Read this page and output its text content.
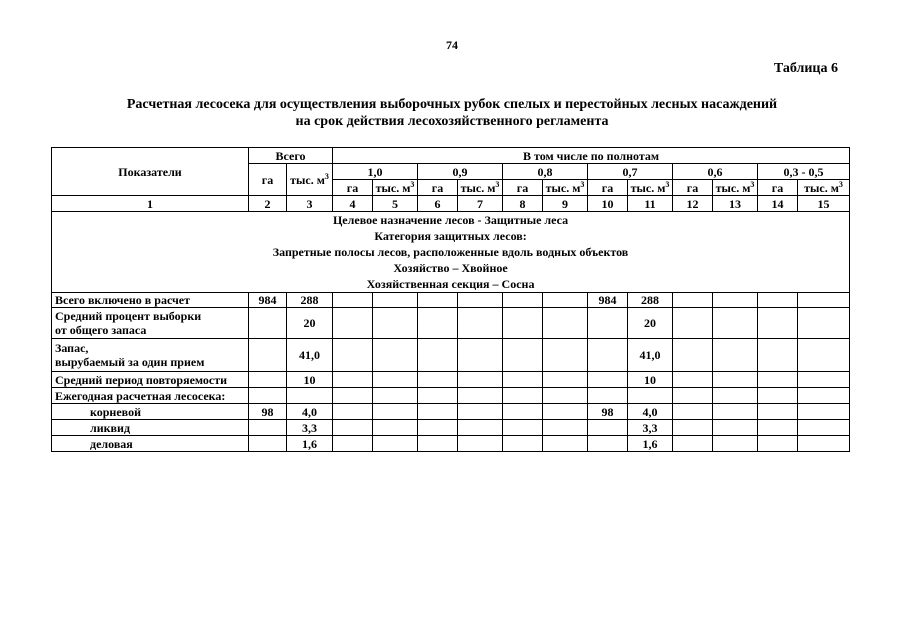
74
Таблица 6
Расчетная лесосека для осуществления выборочных рубок спелых и перестойных лесных насаждений
на срок действия лесохозяйственного регламента
Показатели	Всего		В том числе по полнотам											
	га	тыс. $м^3$	1,0		0,9		0,8		0,7		0,6		0,3 - 0,5	
			га	тыс. $м^3$	га	тыс. $м^3$	га	тыс. $м^3$	га	тыс. $м^3$	га	тыс. $м^3$	га	тыс. $м^3$
1	2	3	4	5	6	7	8	9	10	11	12	13	14	15

Целевое назначение лесов - Защитные леса
Категория защитных лесов:
Запретные полосы лесов, расположенные вдоль водных объектов
Хозяйство – Хвойное
Хозяйственная секция – Сосна														

Всего включено в расчет	984	288							984	288				

Средний процент выборки
от общего запаса		20								20				

Запас,
вырубаемый за один прием		41,0								41,0				

Средний период повторяемости		10								10				

Ежегодная расчетная лесосека:														

корневой	98	4,0							98	4,0				

ликвид		3,3								3,3				

деловая		1,6								1,6				
